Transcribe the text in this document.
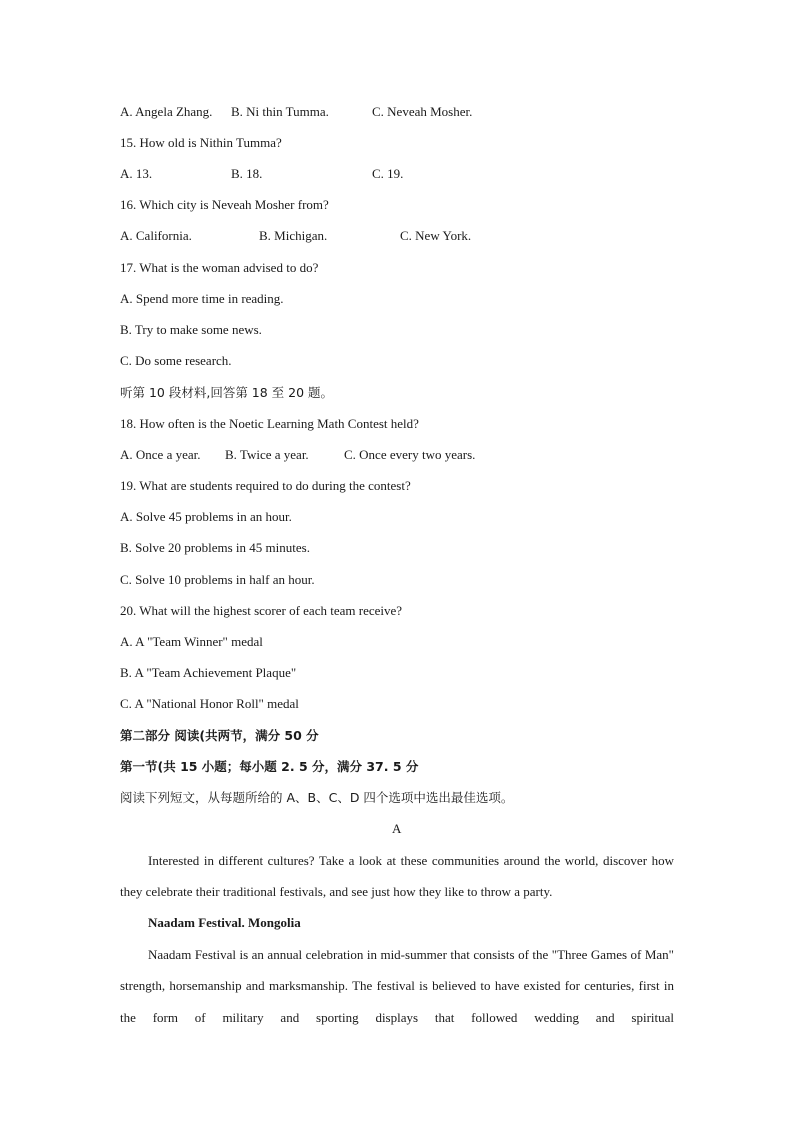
A. Angela Zhang. B. Ni thin Tumma.	C. Neveah Mosher.
15. How old is Nithin Tumma?
A. 13.	B. 18.	C. 19.
16. Which city is Neveah Mosher from?
A. California.	B. Michigan.	C. New York.
17. What is the woman advised to do?
A. Spend more time in reading.
B. Try to make some news.
C. Do some research.
听第 10 段材料,回答第 18 至 20 题。
18. How often is the Noetic Learning Math Contest held?
A. Once a year. B. Twice a year.	C. Once every two years.
19. What are students required to do during the contest?
A. Solve 45 problems in an hour.
B. Solve 20 problems in 45 minutes.
C. Solve 10 problems in half an hour.
20. What will the highest scorer of each team receive?
A. A "Team Winner" medal
B. A "Team Achievement Plaque"
C. A "National Honor Roll" medal
第二部分 阅读(共两节，满分 50 分
第一节(共 15 小题；每小题 2. 5 分，满分 37. 5 分
阅读下列短文，从每题所给的 A、B、C、D 四个选项中选出最佳选项。
A
Interested in different cultures? Take a look at these communities around the world, discover how they celebrate their traditional festivals, and see just how they like to throw a party.
Naadam Festival. Mongolia
Naadam Festival is an annual celebration in mid-summer that consists of the "Three Games of Man" strength, horsemanship and marksmanship. The festival is believed to have existed for centuries, first in the form of military and sporting displays that followed wedding and spiritual
